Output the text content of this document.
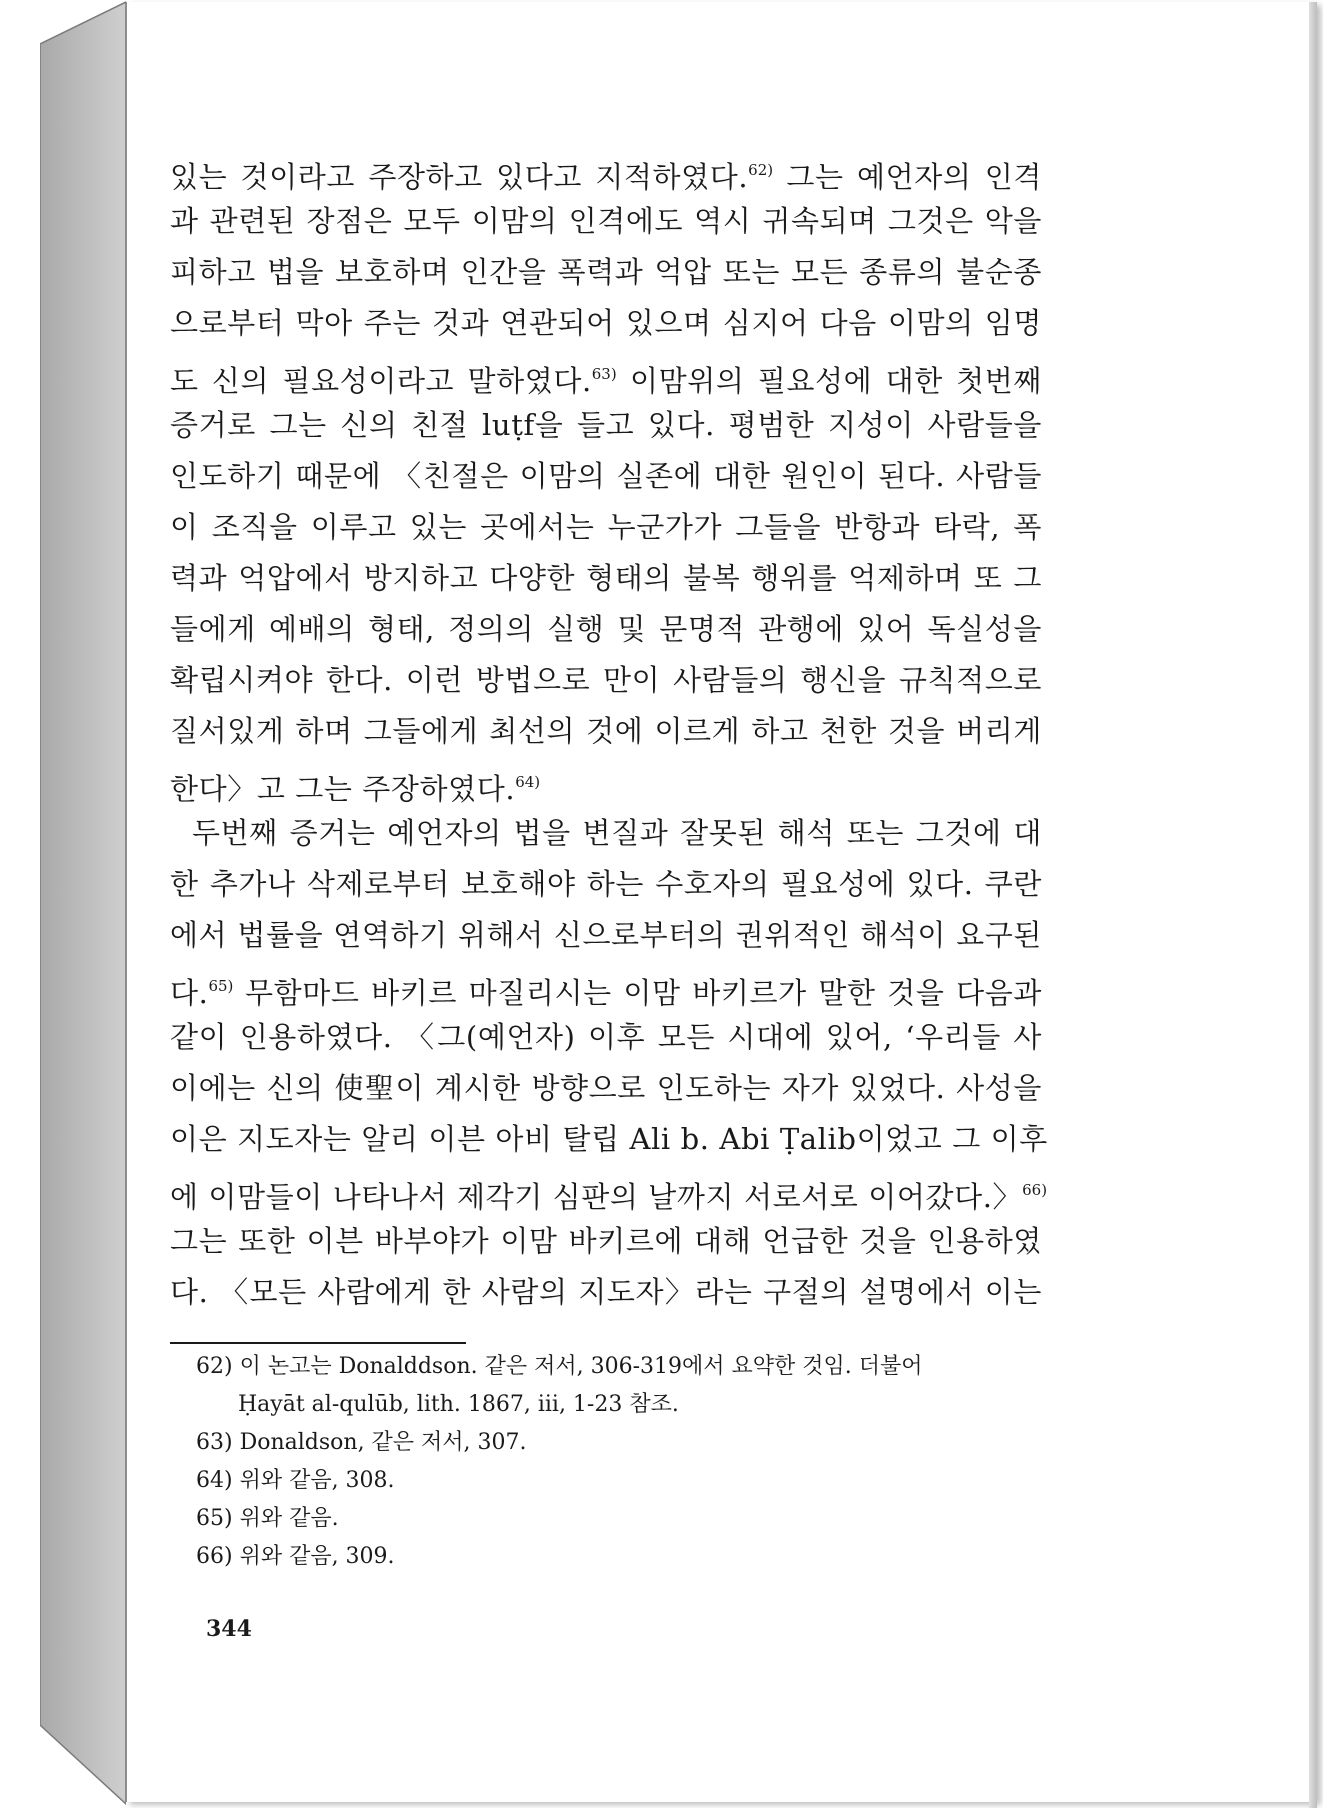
있는 것이라고 주장하고 있다고 지적하였다.$^{62)}$ 그는 예언자의 인격
과 관련된 장점은 모두 이맘의 인격에도 역시 귀속되며 그것은 악을
피하고 법을 보호하며 인간을 폭력과 억압 또는 모든 종류의 불순종
으로부터 막아 주는 것과 연관되어 있으며 심지어 다음 이맘의 임명
도 신의 필요성이라고 말하였다.$^{63)}$ 이맘위의 필요성에 대한 첫번째
증거로 그는 신의 친절 luṭf을 들고 있다. 평범한 지성이 사람들을
인도하기 때문에 〈친절은 이맘의 실존에 대한 원인이 된다. 사람들
이 조직을 이루고 있는 곳에서는 누군가가 그들을 반항과 타락, 폭
력과 억압에서 방지하고 다양한 형태의 불복 행위를 억제하며 또 그
들에게 예배의 형태, 정의의 실행 및 문명적 관행에 있어 독실성을
확립시켜야 한다. 이런 방법으로 만이 사람들의 행신을 규칙적으로
질서있게 하며 그들에게 최선의 것에 이르게 하고 천한 것을 버리게
한다〉고 그는 주장하였다.$^{64)}$
두번째 증거는 예언자의 법을 변질과 잘못된 해석 또는 그것에 대
한 추가나 삭제로부터 보호해야 하는 수호자의 필요성에 있다. 쿠란
에서 법률을 연역하기 위해서 신으로부터의 권위적인 해석이 요구된
다.$^{65)}$ 무함마드 바키르 마질리시는 이맘 바키르가 말한 것을 다음과
같이 인용하였다. 〈그(예언자) 이후 모든 시대에 있어, ‘우리들 사
이에는 신의 使聖이 계시한 방향으로 인도하는 자가 있었다. 사성을
이은 지도자는 알리 이븐 아비 탈립 Ali b. Abi Ṭalib이었고 그 이후
에 이맘들이 나타나서 제각기 심판의 날까지 서로서로 이어갔다.〉$^{66)}$
그는 또한 이븐 바부야가 이맘 바키르에 대해 언급한 것을 인용하였
다. 〈모든 사람에게 한 사람의 지도자〉라는 구절의 설명에서 이는
62) 이 논고는 Donalddson. 같은 저서, 306-319에서 요약한 것임. 더불어
Ḥayāt al-qulūb, lith. 1867, iii, 1-23 참조.
63) Donaldson, 같은 저서, 307.
64) 위와 같음, 308.
65) 위와 같음.
66) 위와 같음, 309.
344
